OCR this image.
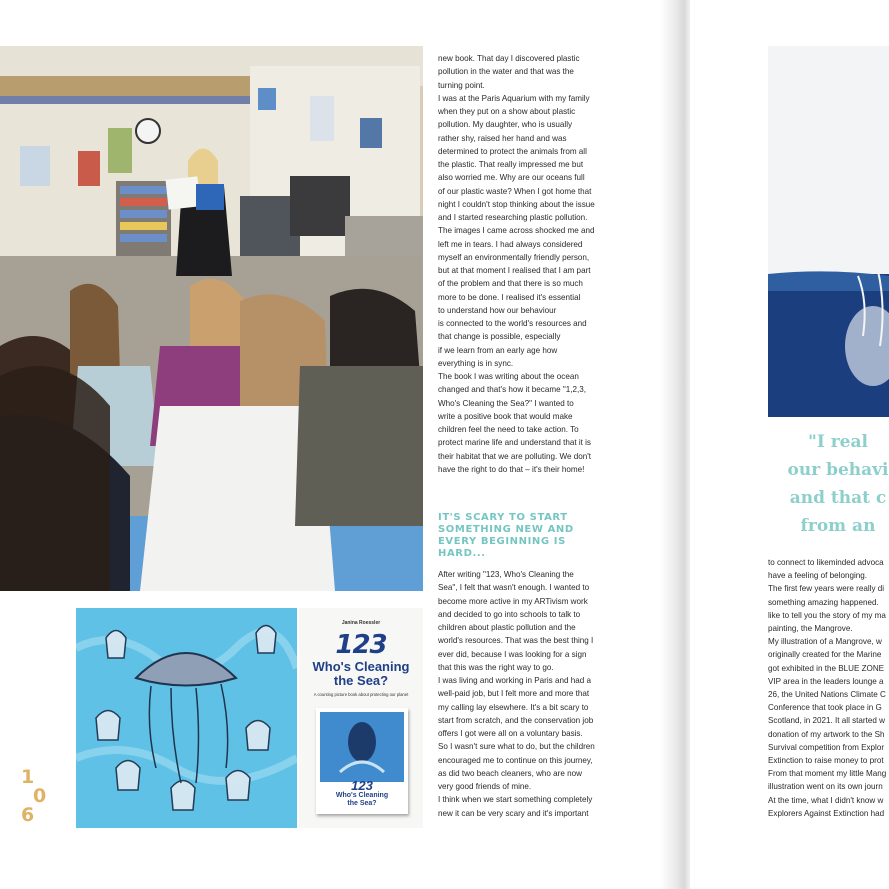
Janina Roessler
123
Who's Cleaning
the Sea?
A counting picture book about protecting our planet
123
Who's Cleaning
the Sea?
1
0
6
new book. That day I discovered plastic
pollution in the water and that was the
turning point.
I was at the Paris Aquarium with my family
when they put on a show about plastic
pollution. My daughter, who is usually
rather shy, raised her hand and was
determined to protect the animals from all
the plastic. That really impressed me but
also worried me. Why are our oceans full
of our plastic waste? When I got home that
night I couldn't stop thinking about the issue
and I started researching plastic pollution.
The images I came across shocked me and
left me in tears. I had always considered
myself an environmentally friendly person,
but at that moment I realised that I am part
of the problem and that there is so much
more to be done. I realised it's essential
to understand how our behaviour
is connected to the world's resources and
that change is possible, especially
if we learn from an early age how
everything is in sync.
The book I was writing about the ocean
changed and that's how it became "1,2,3,
Who's Cleaning the Sea?" I wanted to
write a positive book that would make
children feel the need to take action. To
protect marine life and understand that it is
their habitat that we are polluting. We don't
have the right to do that – it's their home!
IT'S SCARY TO START
SOMETHING NEW AND
EVERY BEGINNING IS
HARD...
After writing "123, Who's Cleaning the
Sea", I felt that wasn't enough. I wanted to
become more active in my ARTivism work
and decided to go into schools to talk to
children about plastic pollution and the
world's resources. That was the best thing I
ever did, because I was looking for a sign
that this was the right way to go.
I was living and working in Paris and had a
well-paid job, but I felt more and more that
my calling lay elsewhere. It's a bit scary to
start from scratch, and the conservation job
offers I got were all on a voluntary basis.
So I wasn't sure what to do, but the children
encouraged me to continue on this journey,
as did two beach cleaners, who are now
very good friends of mine.
I think when we start something completely
new it can be very scary and it's important
"I real
our behavi
and that c
from an
to connect to likeminded advoca
have a feeling of belonging.
The first few years were really di
something amazing happened.
like to tell you the story of my ma
painting, the Mangrove.
My illustration of a Mangrove, w
originally created for the Marine
got exhibited in the BLUE ZONE
VIP area in the leaders lounge a
26, the United Nations Climate C
Conference that took place in G
Scotland, in 2021. It all started w
donation of my artwork to the Sh
Survival competition from Explor
Extinction to raise money to prot
From that moment my little Mang
illustration went on its own journ
At the time, what I didn't know w
Explorers Against Extinction had
